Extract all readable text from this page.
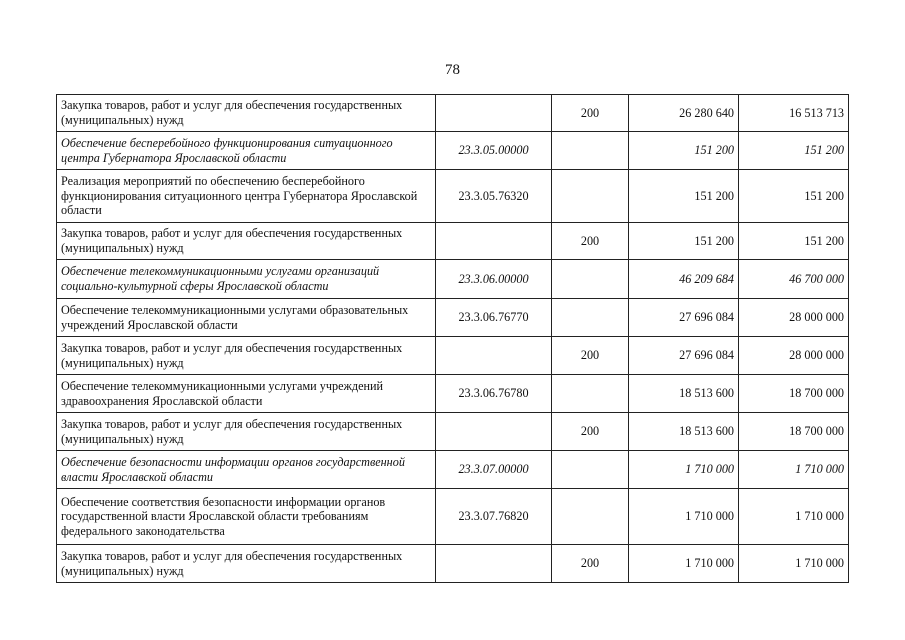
78
Закупка товаров, работ и услуг для обеспечения государственных (муниципальных) нужд		200	26 280 640	16 513 713
Обеспечение бесперебойного функционирования ситуационного центра Губернатора Ярославской области	23.3.05.00000		151 200	151 200
Реализация мероприятий по обеспечению бесперебойного функционирования ситуационного центра Губернатора Ярославской области	23.3.05.76320		151 200	151 200
Закупка товаров, работ и услуг для обеспечения государственных (муниципальных) нужд		200	151 200	151 200
Обеспечение телекоммуникационными услугами организаций социально-культурной сферы Ярославской области	23.3.06.00000		46 209 684	46 700 000
Обеспечение телекоммуникационными услугами образовательных учреждений Ярославской области	23.3.06.76770		27 696 084	28 000 000
Закупка товаров, работ и услуг для обеспечения государственных (муниципальных) нужд		200	27 696 084	28 000 000
Обеспечение телекоммуникационными услугами учреждений здравоохранения Ярославской области	23.3.06.76780		18 513 600	18 700 000
Закупка товаров, работ и услуг для обеспечения государственных (муниципальных) нужд		200	18 513 600	18 700 000
Обеспечение безопасности информации органов государственной власти Ярославской области	23.3.07.00000		1 710 000	1 710 000
Обеспечение соответствия безопасности информации органов государственной власти Ярославской области требованиям федерального законодательства	23.3.07.76820		1 710 000	1 710 000
Закупка товаров, работ и услуг для обеспечения государственных (муниципальных) нужд		200	1 710 000	1 710 000
